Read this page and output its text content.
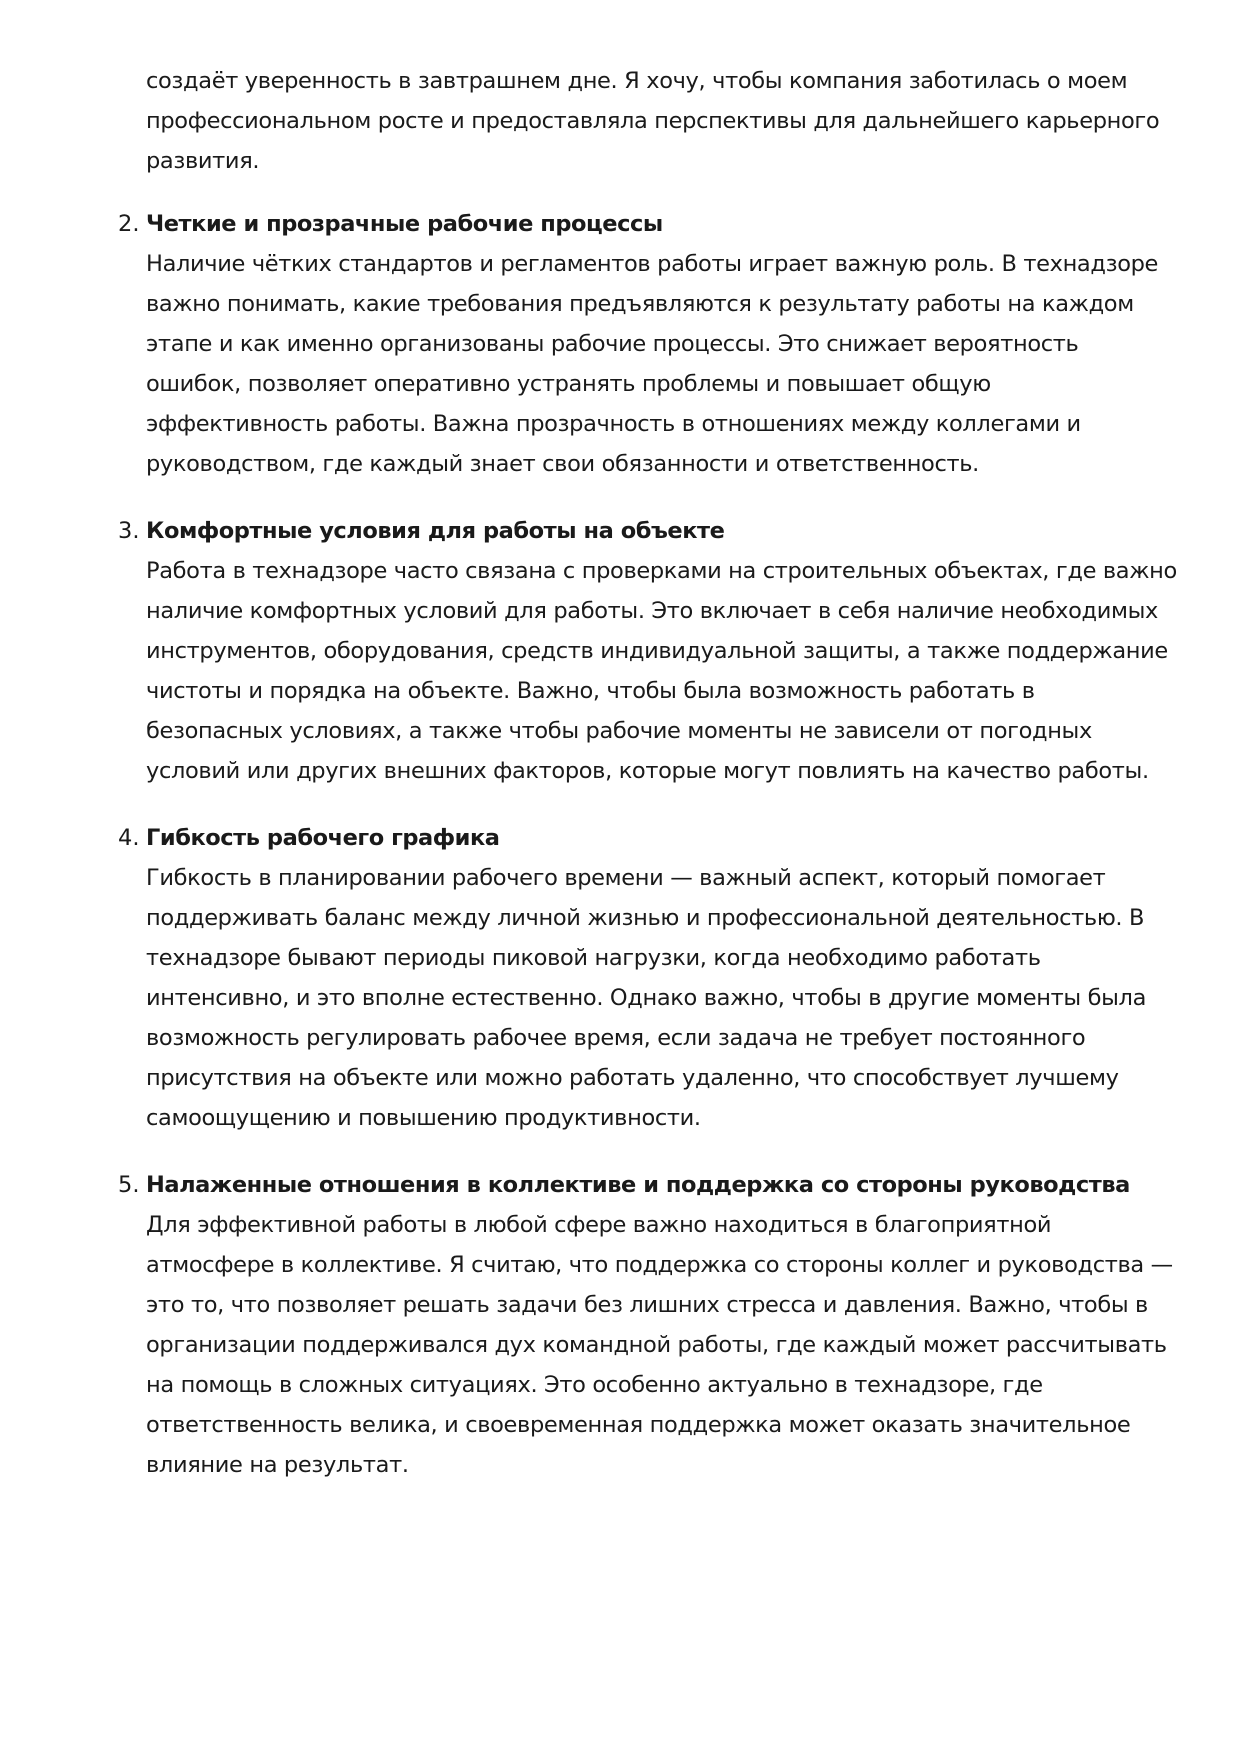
создаёт уверенность в завтрашнем дне. Я хочу, чтобы компания заботилась о моем
профессиональном росте и предоставляла перспективы для дальнейшего карьерного
развития.

2. Четкие и прозрачные рабочие процессы

Наличие чётких стандартов и регламентов работы играет важную роль. В технадзоре
важно понимать, какие требования предъявляются к результату работы на каждом
этапе и как именно организованы рабочие процессы. Это снижает вероятность
ошибок, позволяет оперативно устранять проблемы и повышает общую
эффективность работы. Важна прозрачность в отношениях между коллегами и
руководством, где каждый знает свои обязанности и ответственность.

3. Комфортные условия для работы на объекте

Работа в технадзоре часто связана с проверками на строительных объектах, где важно
наличие комфортных условий для работы. Это включает в себя наличие необходимых
инструментов, оборудования, средств индивидуальной защиты, а также поддержание
чистоты и порядка на объекте. Важно, чтобы была возможность работать в
безопасных условиях, а также чтобы рабочие моменты не зависели от погодных
условий или других внешних факторов, которые могут повлиять на качество работы.

4. Гибкость рабочего графика

Гибкость в планировании рабочего времени — важный аспект, который помогает
поддерживать баланс между личной жизнью и профессиональной деятельностью. В
технадзоре бывают периоды пиковой нагрузки, когда необходимо работать
интенсивно, и это вполне естественно. Однако важно, чтобы в другие моменты была
возможность регулировать рабочее время, если задача не требует постоянного
присутствия на объекте или можно работать удаленно, что способствует лучшему
самоощущению и повышению продуктивности.

5. Налаженные отношения в коллективе и поддержка со стороны руководства

Для эффективной работы в любой сфере важно находиться в благоприятной
атмосфере в коллективе. Я считаю, что поддержка со стороны коллег и руководства —
это то, что позволяет решать задачи без лишних стресса и давления. Важно, чтобы в
организации поддерживался дух командной работы, где каждый может рассчитывать
на помощь в сложных ситуациях. Это особенно актуально в технадзоре, где
ответственность велика, и своевременная поддержка может оказать значительное
влияние на результат.
